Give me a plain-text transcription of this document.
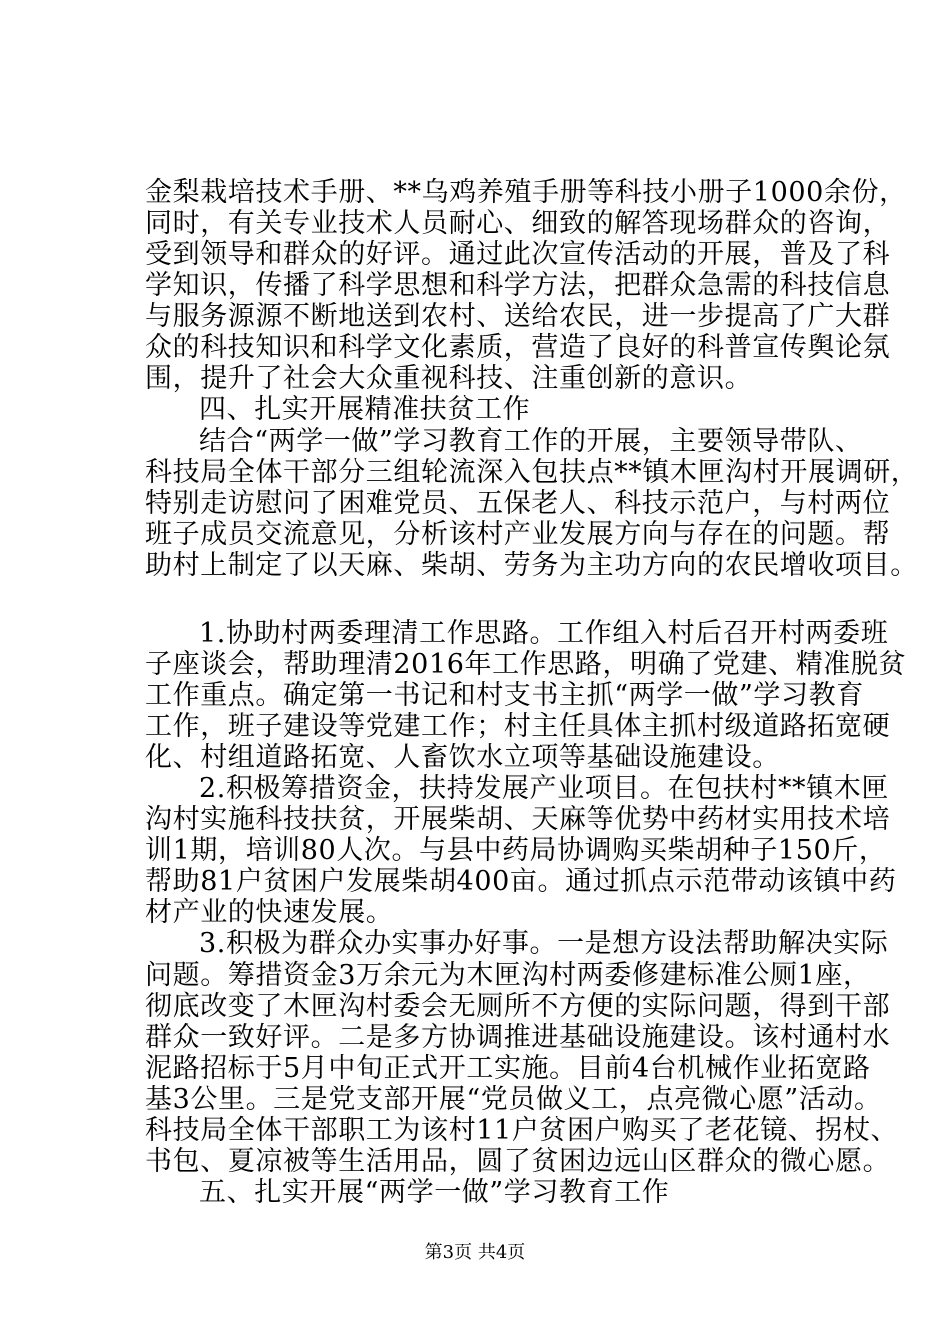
金梨栽培技术手册、**乌鸡养殖手册等科技小册子1000余份，
同时，有关专业技术人员耐心、细致的解答现场群众的咨询，
受到领导和群众的好评。通过此次宣传活动的开展，普及了科
学知识，传播了科学思想和科学方法，把群众急需的科技信息
与服务源源不断地送到农村、送给农民，进一步提高了广大群
众的科技知识和科学文化素质，营造了良好的科普宣传舆论氛
围，提升了社会大众重视科技、注重创新的意识。
四、扎实开展精准扶贫工作
结合“两学一做”学习教育工作的开展，主要领导带队、
科技局全体干部分三组轮流深入包扶点**镇木匣沟村开展调研，
特别走访慰问了困难党员、五保老人、科技示范户，与村两位
班子成员交流意见，分析该村产业发展方向与存在的问题。帮
助村上制定了以天麻、柴胡、劳务为主功方向的农民增收项目。
1.协助村两委理清工作思路。工作组入村后召开村两委班
子座谈会，帮助理清2016年工作思路，明确了党建、精准脱贫
工作重点。确定第一书记和村支书主抓“两学一做”学习教育
工作，班子建设等党建工作；村主任具体主抓村级道路拓宽硬
化、村组道路拓宽、人畜饮水立项等基础设施建设。
2.积极筹措资金，扶持发展产业项目。在包扶村**镇木匣
沟村实施科技扶贫，开展柴胡、天麻等优势中药材实用技术培
训1期，培训80人次。与县中药局协调购买柴胡种子150斤，
帮助81户贫困户发展柴胡400亩。通过抓点示范带动该镇中药
材产业的快速发展。
3.积极为群众办实事办好事。一是想方设法帮助解决实际
问题。筹措资金3万余元为木匣沟村两委修建标准公厕1座，
彻底改变了木匣沟村委会无厕所不方便的实际问题，得到干部
群众一致好评。二是多方协调推进基础设施建设。该村通村水
泥路招标于5月中旬正式开工实施。目前4台机械作业拓宽路
基3公里。三是党支部开展“党员做义工，点亮微心愿”活动。
科技局全体干部职工为该村11户贫困户购买了老花镜、拐杖、
书包、夏凉被等生活用品，圆了贫困边远山区群众的微心愿。
五、扎实开展“两学一做”学习教育工作
第3页 共4页
